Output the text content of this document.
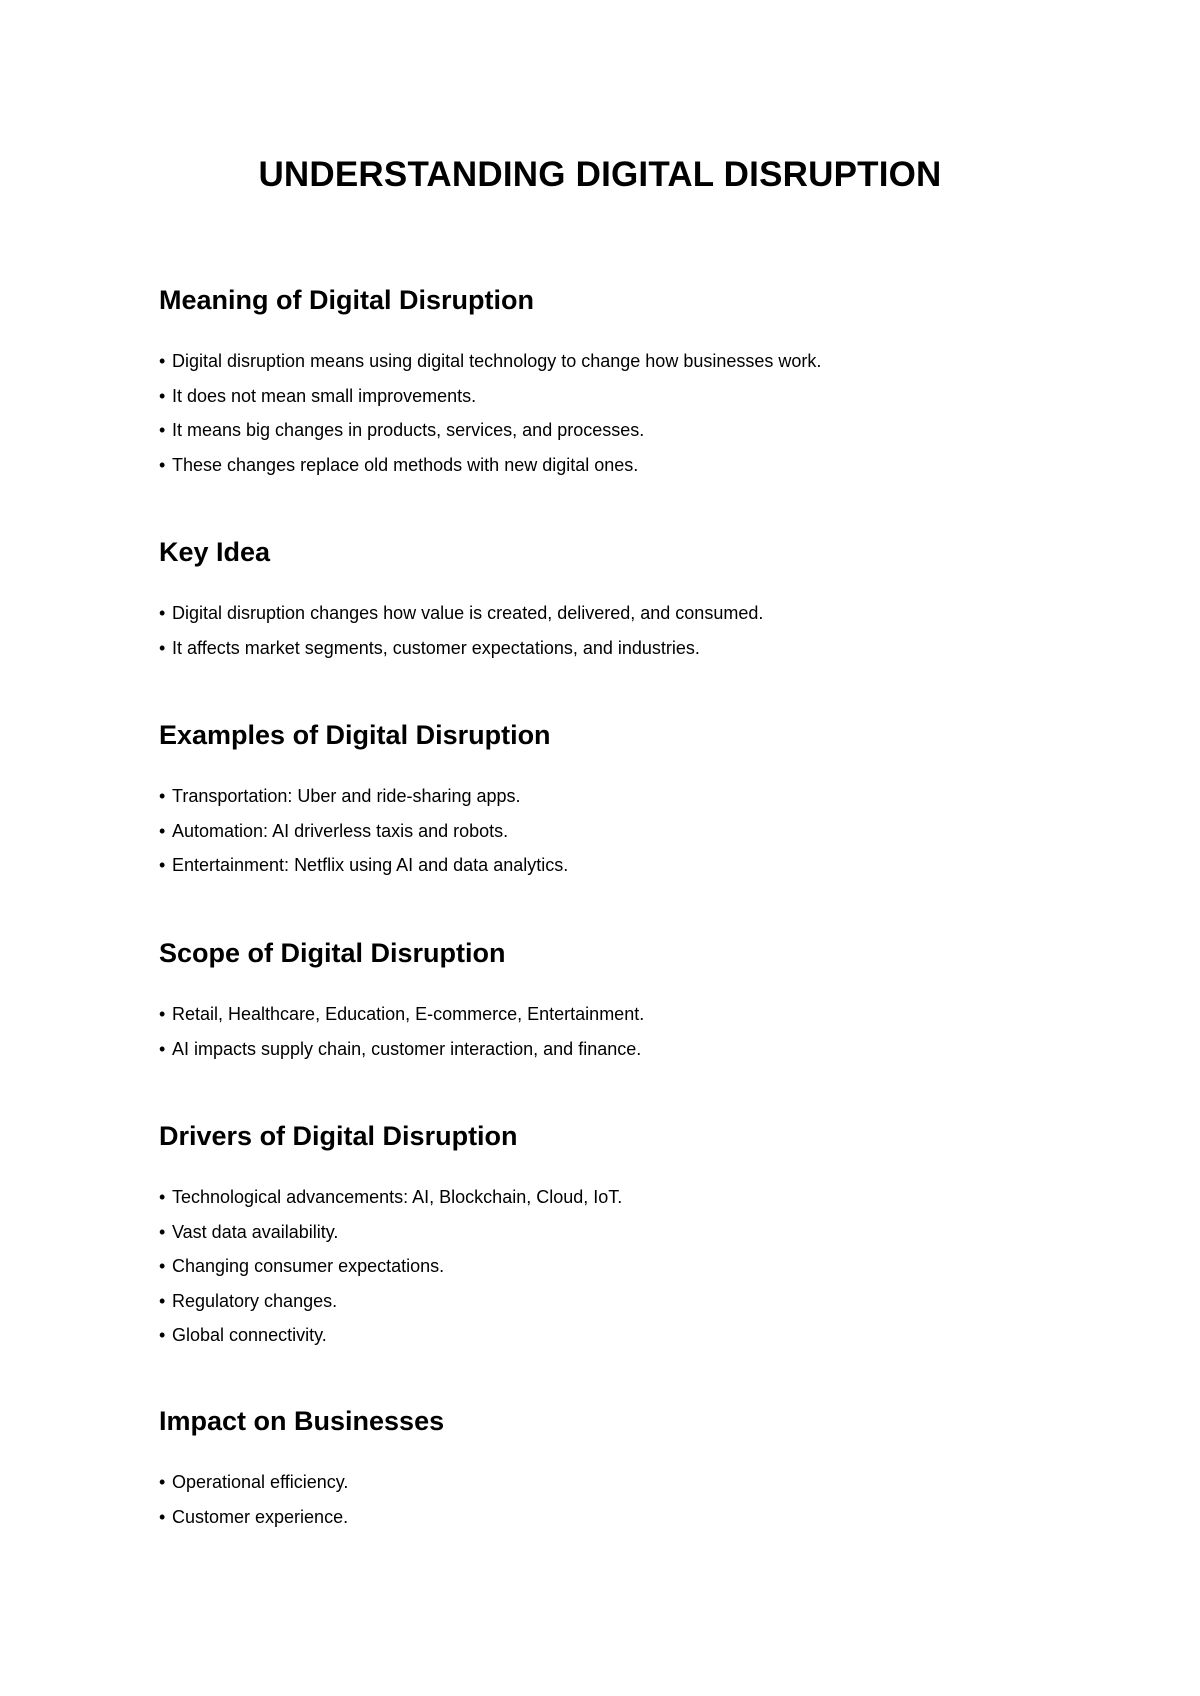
UNDERSTANDING DIGITAL DISRUPTION
Meaning of Digital Disruption
• Digital disruption means using digital technology to change how businesses work.
• It does not mean small improvements.
• It means big changes in products, services, and processes.
• These changes replace old methods with new digital ones.
Key Idea
• Digital disruption changes how value is created, delivered, and consumed.
• It affects market segments, customer expectations, and industries.
Examples of Digital Disruption
• Transportation: Uber and ride-sharing apps.
• Automation: AI driverless taxis and robots.
• Entertainment: Netflix using AI and data analytics.
Scope of Digital Disruption
• Retail, Healthcare, Education, E-commerce, Entertainment.
• AI impacts supply chain, customer interaction, and finance.
Drivers of Digital Disruption
• Technological advancements: AI, Blockchain, Cloud, IoT.
• Vast data availability.
• Changing consumer expectations.
• Regulatory changes.
• Global connectivity.
Impact on Businesses
• Operational efficiency.
• Customer experience.
